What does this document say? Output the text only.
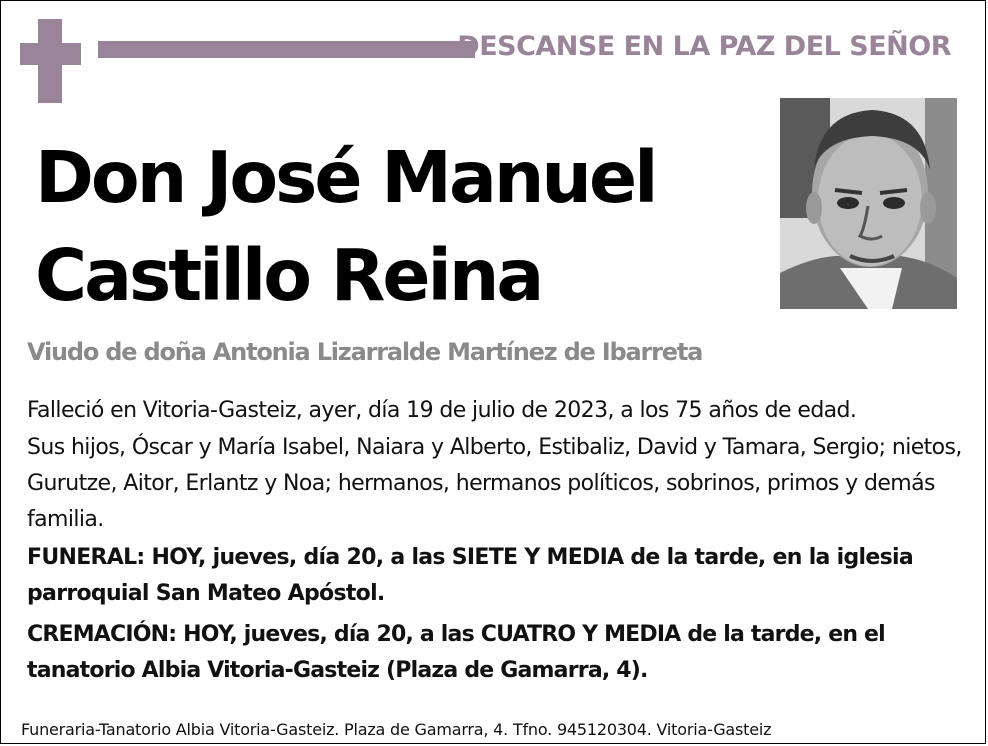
DESCANSE EN LA PAZ DEL SEÑOR
Don José Manuel
Castillo Reina
Viudo de doña Antonia Lizarralde Martínez de Ibarreta

Falleció en Vitoria-Gasteiz, ayer, día 19 de julio de 2023, a los 75 años de edad.

Sus hijos, Óscar y María Isabel, Naiara y Alberto, Estibaliz, David y Tamara, Sergio; nietos, Gurutze, Aitor, Erlantz y Noa; hermanos, hermanos políticos, sobrinos, primos y demás familia.

FUNERAL: HOY, jueves, día 20, a las SIETE Y MEDIA de la tarde, en la iglesia parroquial San Mateo Apóstol.

CREMACIÓN: HOY, jueves, día 20, a las CUATRO Y MEDIA de la tarde, en el tanatorio Albia Vitoria-Gasteiz (Plaza de Gamarra, 4).

Funeraria-Tanatorio Albia Vitoria-Gasteiz. Plaza de Gamarra, 4. Tfno. 945120304. Vitoria-Gasteiz
